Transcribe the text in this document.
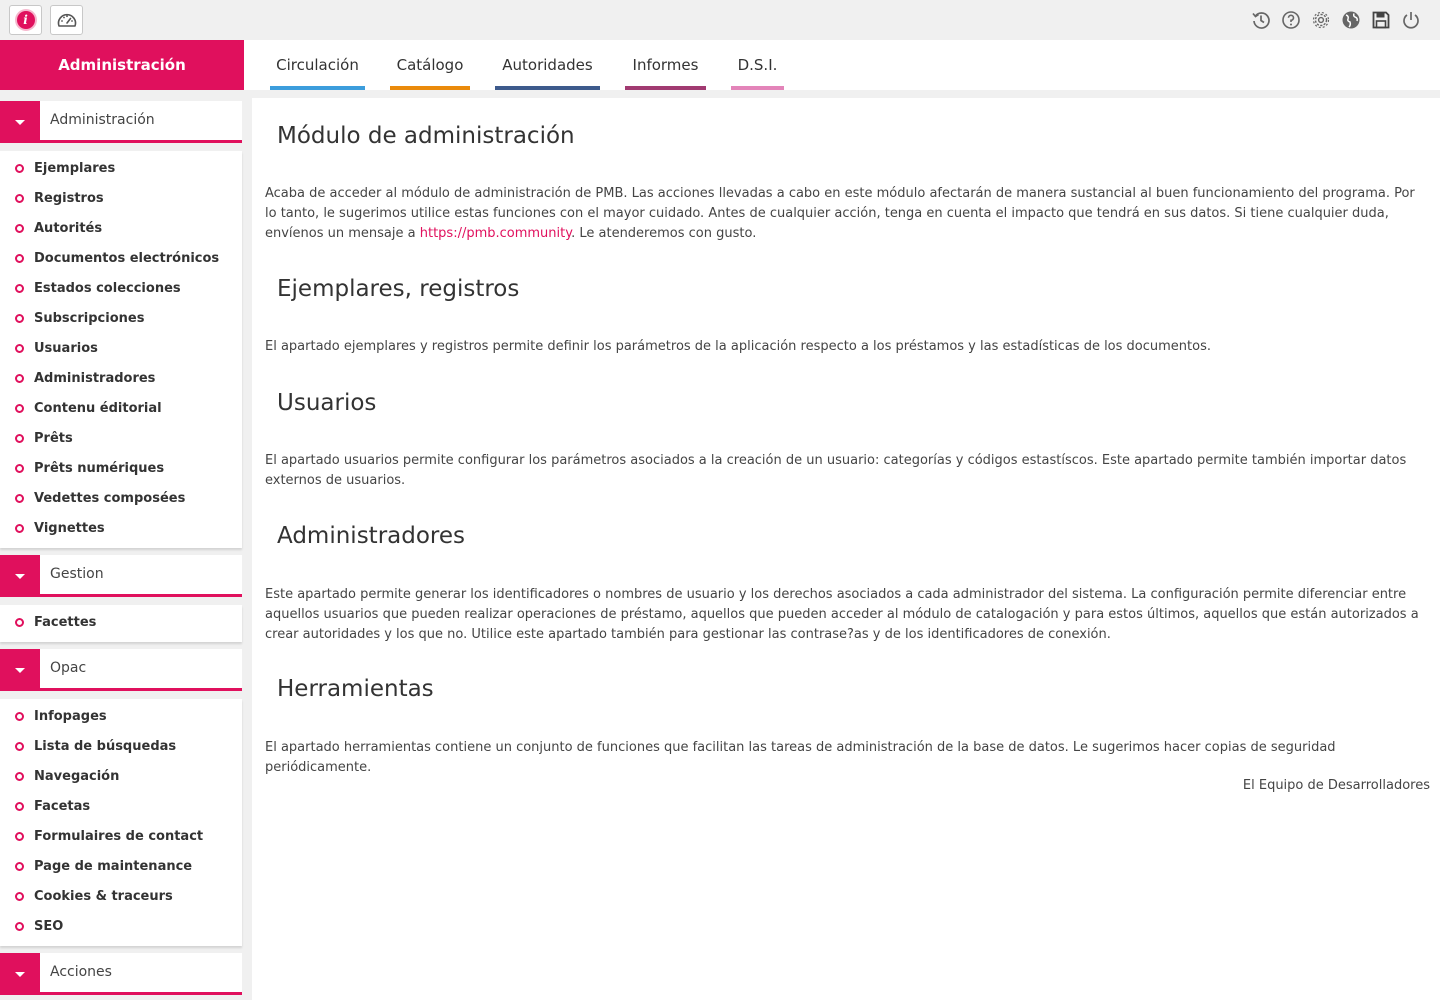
i
Administración	Circulación	Catálogo	Autoridades	Informes	D.S.I.
Administración
Ejemplares
Registros
Autorités
Documentos electrónicos
Estados colecciones
Subscripciones
Usuarios
Administradores
Contenu éditorial
Prêts
Prêts numériques
Vedettes composées
Vignettes
Gestion
Facettes
Opac
Infopages
Lista de búsquedas
Navegación
Facetas
Formulaires de contact
Page de maintenance
Cookies & traceurs
SEO
Acciones
Módulo de administración

Acaba de acceder al módulo de administración de PMB. Las acciones llevadas a cabo en este módulo afectarán de manera sustancial al buen funcionamiento del programa. Por lo tanto, le sugerimos utilice estas funciones con el mayor cuidado. Antes de cualquier acción, tenga en cuenta el impacto que tendrá en sus datos. Si tiene cualquier duda, envíenos un mensaje a https://pmb.community. Le atenderemos con gusto.

Ejemplares, registros

El apartado ejemplares y registros permite definir los parámetros de la aplicación respecto a los préstamos y las estadísticas de los documentos.

Usuarios

El apartado usuarios permite configurar los parámetros asociados a la creación de un usuario: categorías y códigos estastíscos. Este apartado permite también importar datos externos de usuarios.

Administradores

Este apartado permite generar los identificadores o nombres de usuario y los derechos asociados a cada administrador del sistema. La configuración permite diferenciar entre aquellos usuarios que pueden realizar operaciones de préstamo, aquellos que pueden acceder al módulo de catalogación y para estos últimos, aquellos que están autorizados a crear autoridades y los que no. Utilice este apartado también para gestionar las contrase?as y de los identificadores de conexión.

Herramientas

El apartado herramientas contiene un conjunto de funciones que facilitan las tareas de administración de la base de datos. Le sugerimos hacer copias de seguridad periódicamente.

El Equipo de Desarrolladores
